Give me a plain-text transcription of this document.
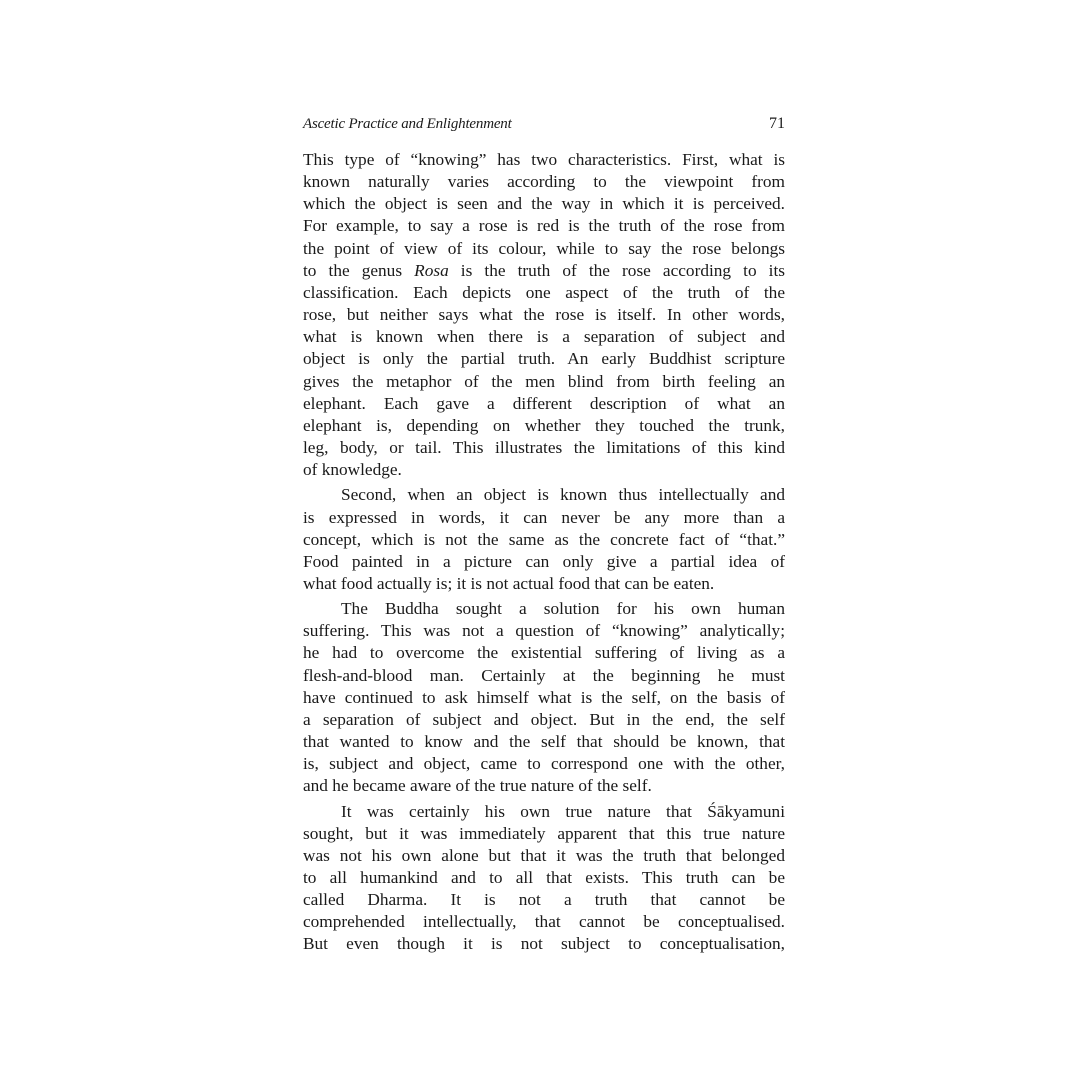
Ascetic Practice and Enlightenment	71

This type of “knowing” has two characteristics. First, what is
known naturally varies according to the viewpoint from
which the object is seen and the way in which it is perceived.
For example, to say a rose is red is the truth of the rose from
the point of view of its colour, while to say the rose belongs
to the genus Rosa is the truth of the rose according to its
classification. Each depicts one aspect of the truth of the
rose, but neither says what the rose is itself. In other words,
what is known when there is a separation of subject and
object is only the partial truth. An early Buddhist scripture
gives the metaphor of the men blind from birth feeling an
elephant. Each gave a different description of what an
elephant is, depending on whether they touched the trunk,
leg, body, or tail. This illustrates the limitations of this kind
of knowledge.

Second, when an object is known thus intellectually and
is expressed in words, it can never be any more than a
concept, which is not the same as the concrete fact of “that.”
Food painted in a picture can only give a partial idea of
what food actually is; it is not actual food that can be eaten.

The Buddha sought a solution for his own human
suffering. This was not a question of “knowing” analytically;
he had to overcome the existential suffering of living as a
flesh-and-blood man. Certainly at the beginning he must
have continued to ask himself what is the self, on the basis of
a separation of subject and object. But in the end, the self
that wanted to know and the self that should be known, that
is, subject and object, came to correspond one with the other,
and he became aware of the true nature of the self.

It was certainly his own true nature that Śākyamuni
sought, but it was immediately apparent that this true nature
was not his own alone but that it was the truth that belonged
to all humankind and to all that exists. This truth can be
called Dharma. It is not a truth that cannot be
comprehended intellectually, that cannot be conceptualised.
But even though it is not subject to conceptualisation,
